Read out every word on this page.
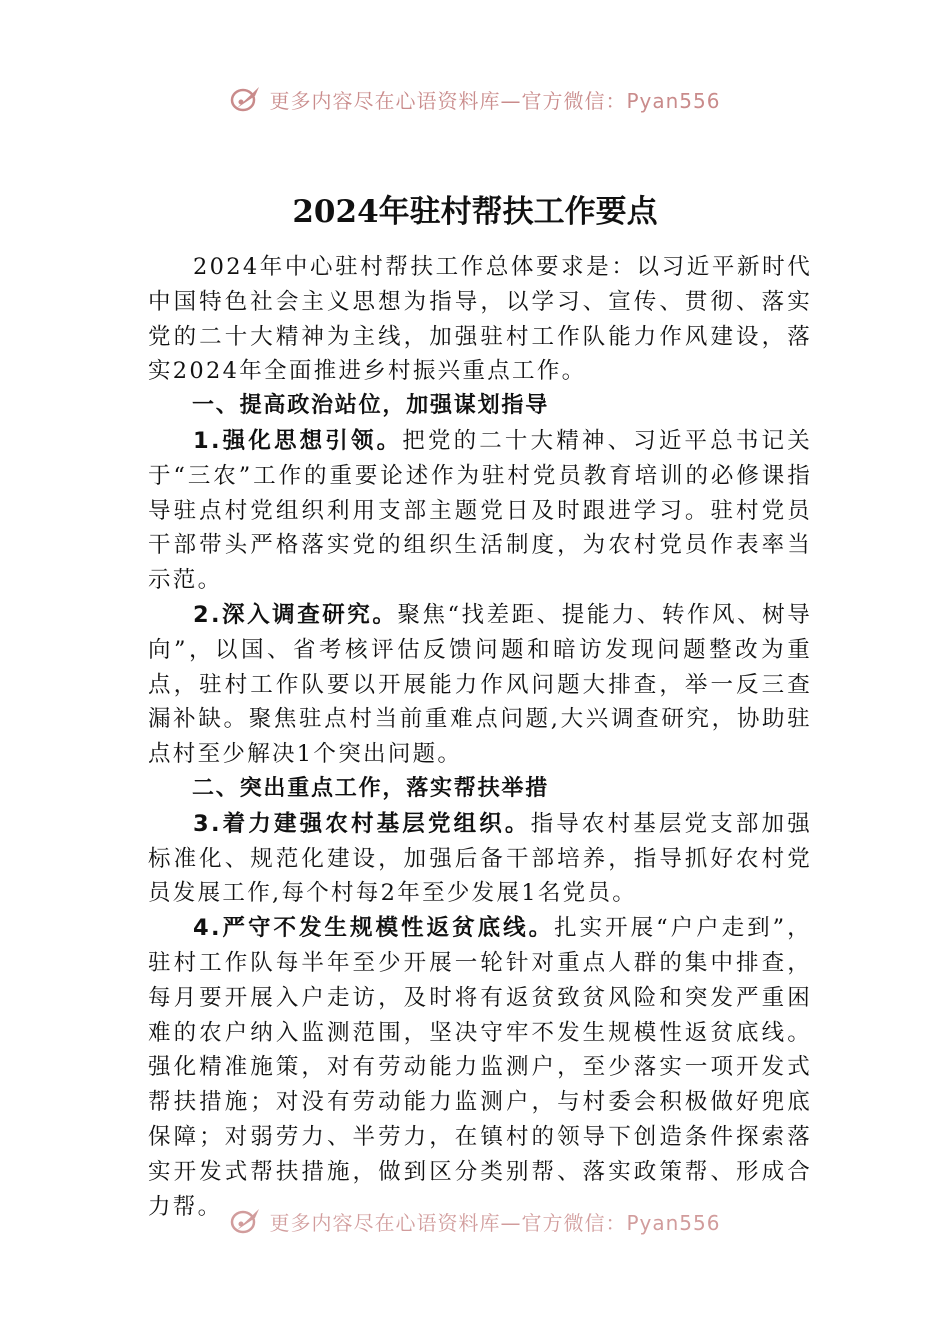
更多内容尽在心语资料库—官方微信：Pyan556
2024年驻村帮扶工作要点

2024年中心驻村帮扶工作总体要求是：以习近平新时代中国特色社会主义思想为指导，以学习、宣传、贯彻、落实党的二十大精神为主线，加强驻村工作队能力作风建设，落实2024年全面推进乡村振兴重点工作。

一、提高政治站位，加强谋划指导

1.强化思想引领。把党的二十大精神、习近平总书记关于“三农”工作的重要论述作为驻村党员教育培训的必修课指导驻点村党组织利用支部主题党日及时跟进学习。驻村党员干部带头严格落实党的组织生活制度，为农村党员作表率当示范。

2.深入调查研究。聚焦“找差距、提能力、转作风、树导向”，以国、省考核评估反馈问题和暗访发现问题整改为重点，驻村工作队要以开展能力作风问题大排查，举一反三查漏补缺。聚焦驻点村当前重难点问题,大兴调查研究，协助驻点村至少解决1个突出问题。

二、突出重点工作，落实帮扶举措

3.着力建强农村基层党组织。指导农村基层党支部加强标准化、规范化建设，加强后备干部培养，指导抓好农村党员发展工作,每个村每2年至少发展1名党员。

4.严守不发生规模性返贫底线。扎实开展“户户走到”，驻村工作队每半年至少开展一轮针对重点人群的集中排查，每月要开展入户走访，及时将有返贫致贫风险和突发严重困难的农户纳入监测范围，坚决守牢不发生规模性返贫底线。强化精准施策，对有劳动能力监测户，至少落实一项开发式帮扶措施；对没有劳动能力监测户，与村委会积极做好兜底保障；对弱劳力、半劳力，在镇村的领导下创造条件探索落实开发式帮扶措施，做到区分类别帮、落实政策帮、形成合力帮。

更多内容尽在心语资料库—官方微信：Pyan556
